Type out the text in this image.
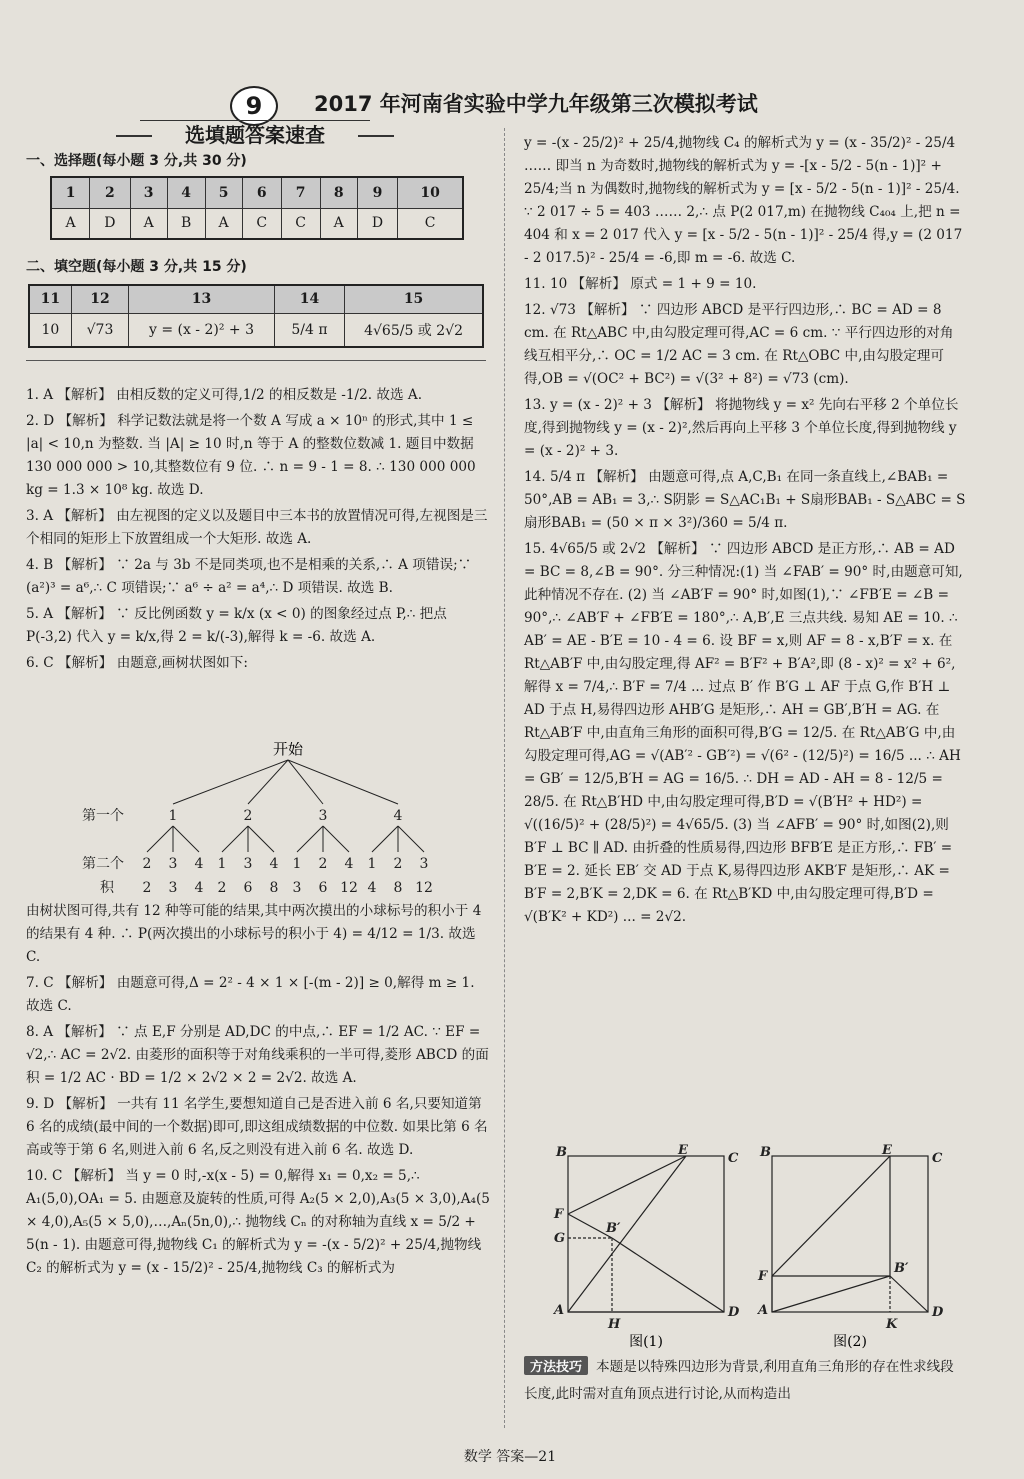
9	2017 年河南省实验中学九年级第三次模拟考试
选填题答案速查
一、选择题(每小题 3 分,共 30 分)
1	2	3	4	5	6	7	8	9	10
A	D	A	B	A	C	C	A	D	C
二、填空题(每小题 3 分,共 15 分)
11	12	13	14	15
10	√73	y = (x - 2)² + 3	5/4 π	4√65/5 或 2√2

1. A 【解析】 由相反数的定义可得,1/2 的相反数是 -1/2. 故选 A.

2. D 【解析】 科学记数法就是将一个数 A 写成 a × 10ⁿ 的形式,其中 1 ≤ |a| < 10,n 为整数. 当 |A| ≥ 10 时,n 等于 A 的整数位数减 1. 题目中数据 130 000 000 > 10,其整数位有 9 位. ∴ n = 9 - 1 = 8. ∴ 130 000 000 kg = 1.3 × 10⁸ kg. 故选 D.

3. A 【解析】 由左视图的定义以及题目中三本书的放置情况可得,左视图是三个相同的矩形上下放置组成一个大矩形. 故选 A.

4. B 【解析】 ∵ 2a 与 3b 不是同类项,也不是相乘的关系,∴ A 项错误;∵ (a²)³ = a⁶,∴ C 项错误;∵ a⁶ ÷ a² = a⁴,∴ D 项错误. 故选 B.

5. A 【解析】 ∵ 反比例函数 y = k/x (x < 0) 的图象经过点 P,∴ 把点 P(-3,2) 代入 y = k/x,得 2 = k/(-3),解得 k = -6. 故选 A.

6. C 【解析】 由题意,画树状图如下:

开始
第一个
第二个
积
1
2
2
3
3
4
4
2
1
2
3
6
4
8
3
1
3
2
6
4
12
4
1
4
2
8
3
12

由树状图可得,共有 12 种等可能的结果,其中两次摸出的小球标号的积小于 4 的结果有 4 种. ∴ P(两次摸出的小球标号的积小于 4) = 4/12 = 1/3. 故选 C.

7. C 【解析】 由题意可得,Δ = 2² - 4 × 1 × [-(m - 2)] ≥ 0,解得 m ≥ 1. 故选 C.

8. A 【解析】 ∵ 点 E,F 分别是 AD,DC 的中点,∴ EF = 1/2 AC. ∵ EF = √2,∴ AC = 2√2. 由菱形的面积等于对角线乘积的一半可得,菱形 ABCD 的面积 = 1/2 AC · BD = 1/2 × 2√2 × 2 = 2√2. 故选 A.

9. D 【解析】 一共有 11 名学生,要想知道自己是否进入前 6 名,只要知道第 6 名的成绩(最中间的一个数据)即可,即这组成绩数据的中位数. 如果比第 6 名高或等于第 6 名,则进入前 6 名,反之则没有进入前 6 名. 故选 D.

10. C 【解析】 当 y = 0 时,-x(x - 5) = 0,解得 x₁ = 0,x₂ = 5,∴ A₁(5,0),OA₁ = 5. 由题意及旋转的性质,可得 A₂(5 × 2,0),A₃(5 × 3,0),A₄(5 × 4,0),A₅(5 × 5,0),…,Aₙ(5n,0),∴ 抛物线 Cₙ 的对称轴为直线 x = 5/2 + 5(n - 1). 由题意可得,抛物线 C₁ 的解析式为 y = -(x - 5/2)² + 25/4,抛物线 C₂ 的解析式为 y = (x - 15/2)² - 25/4,抛物线 C₃ 的解析式为

y = -(x - 25/2)² + 25/4,抛物线 C₄ 的解析式为 y = (x - 35/2)² - 25/4 …… 即当 n 为奇数时,抛物线的解析式为 y = -[x - 5/2 - 5(n - 1)]² + 25/4;当 n 为偶数时,抛物线的解析式为 y = [x - 5/2 - 5(n - 1)]² - 25/4. ∵ 2 017 ÷ 5 = 403 …… 2,∴ 点 P(2 017,m) 在抛物线 C₄₀₄ 上,把 n = 404 和 x = 2 017 代入 y = [x - 5/2 - 5(n - 1)]² - 25/4 得,y = (2 017 - 2 017.5)² - 25/4 = -6,即 m = -6. 故选 C.

11. 10 【解析】 原式 = 1 + 9 = 10.

12. √73 【解析】 ∵ 四边形 ABCD 是平行四边形,∴ BC = AD = 8 cm. 在 Rt△ABC 中,由勾股定理可得,AC = 6 cm. ∵ 平行四边形的对角线互相平分,∴ OC = 1/2 AC = 3 cm. 在 Rt△OBC 中,由勾股定理可得,OB = √(OC² + BC²) = √(3² + 8²) = √73 (cm).

13. y = (x - 2)² + 3 【解析】 将抛物线 y = x² 先向右平移 2 个单位长度,得到抛物线 y = (x - 2)²,然后再向上平移 3 个单位长度,得到抛物线 y = (x - 2)² + 3.

14. 5/4 π 【解析】 由题意可得,点 A,C,B₁ 在同一条直线上,∠BAB₁ = 50°,AB = AB₁ = 3,∴ S阴影 = S△AC₁B₁ + S扇形BAB₁ - S△ABC = S扇形BAB₁ = (50 × π × 3²)/360 = 5/4 π.

15. 4√65/5 或 2√2 【解析】 ∵ 四边形 ABCD 是正方形,∴ AB = AD = BC = 8,∠B = 90°. 分三种情况:(1) 当 ∠FAB′ = 90° 时,由题意可知,此种情况不存在. (2) 当 ∠AB′F = 90° 时,如图(1),∵ ∠FB′E = ∠B = 90°,∴ ∠AB′F + ∠FB′E = 180°,∴ A,B′,E 三点共线. 易知 AE = 10. ∴ AB′ = AE - B′E = 10 - 4 = 6. 设 BF = x,则 AF = 8 - x,B′F = x. 在 Rt△AB′F 中,由勾股定理,得 AF² = B′F² + B′A²,即 (8 - x)² = x² + 6²,解得 x = 7/4,∴ B′F = 7/4 ... 过点 B′ 作 B′G ⊥ AF 于点 G,作 B′H ⊥ AD 于点 H,易得四边形 AHB′G 是矩形,∴ AH = GB′,B′H = AG. 在 Rt△AB′F 中,由直角三角形的面积可得,B′G = 12/5. 在 Rt△AB′G 中,由勾股定理可得,AG = √(AB′² - GB′²) = √(6² - (12/5)²) = 16/5 ... ∴ AH = GB′ = 12/5,B′H = AG = 16/5. ∴ DH = AD - AH = 8 - 12/5 = 28/5. 在 Rt△B′HD 中,由勾股定理可得,B′D = √(B′H² + HD²) = √((16/5)² + (28/5)²) = 4√65/5. (3) 当 ∠AFB′ = 90° 时,如图(2),则 B′F ⊥ BC ∥ AD. 由折叠的性质易得,四边形 BFB′E 是正方形,∴ FB′ = B′E = 2. 延长 EB′ 交 AD 于点 K,易得四边形 AKB′F 是矩形,∴ AK = B′F = 2,B′K = 2,DK = 6. 在 Rt△B′KD 中,由勾股定理可得,B′D = √(B′K² + KD²) ... = 2√2.

B	E
C
F
G
B′
A
H
D
图(1)
B	E
C
F
B′
A
K
D
图(2)
方法技巧 本题是以特殊四边形为背景,利用直角三角形的存在性求线段长度,此时需对直角顶点进行讨论,从而构造出
数学 答案—21
